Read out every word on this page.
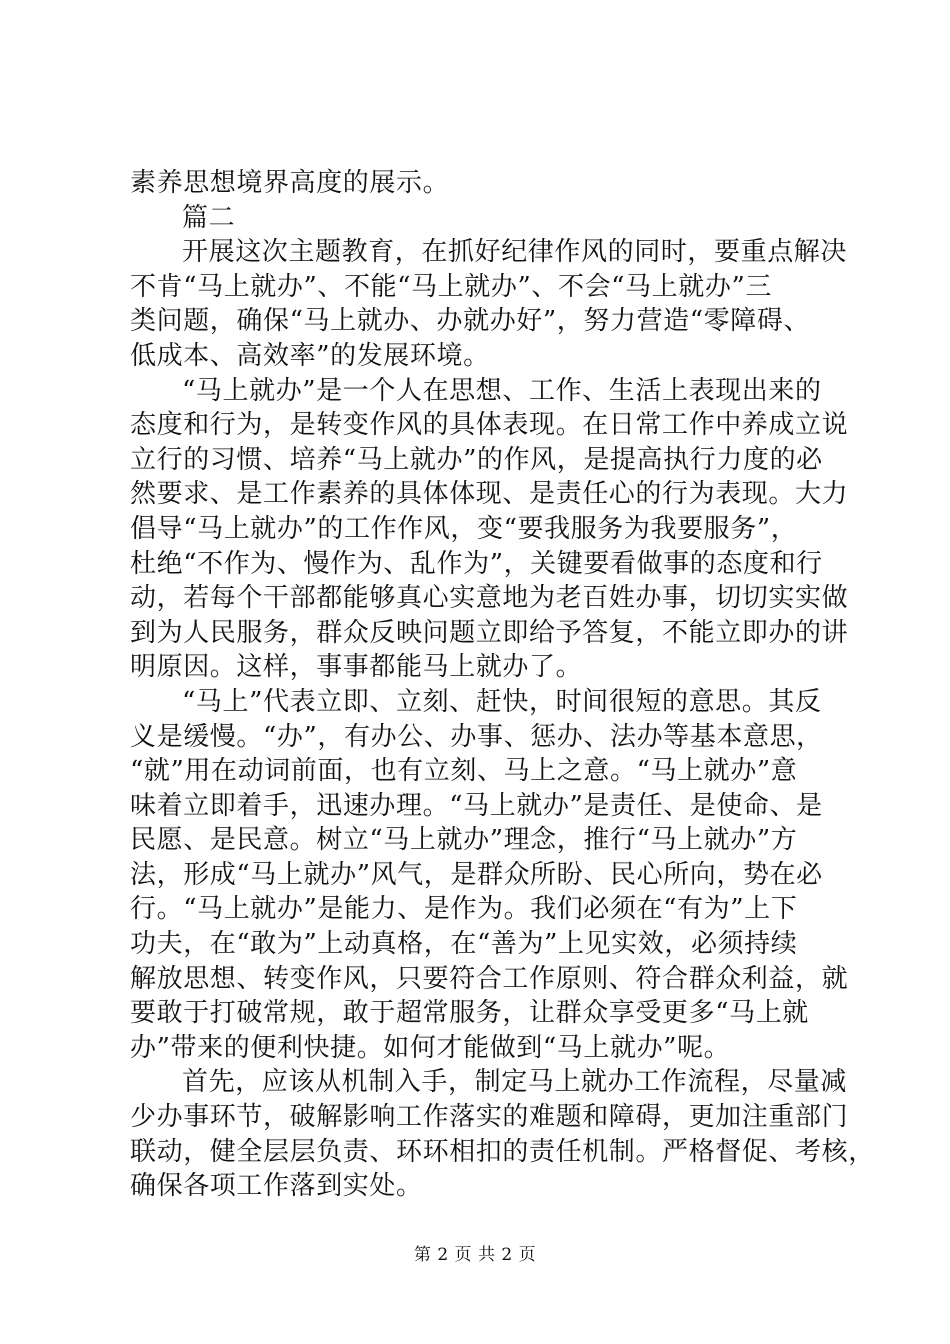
素养思想境界高度的展示。
篇二
开展这次主题教育，在抓好纪律作风的同时，要重点解决
不肯“马上就办”、不能“马上就办”、不会“马上就办”三
类问题，确保“马上就办、办就办好”，努力营造“零障碍、
低成本、高效率”的发展环境。
“马上就办”是一个人在思想、工作、生活上表现出来的
态度和行为，是转变作风的具体表现。在日常工作中养成立说
立行的习惯、培养“马上就办”的作风，是提高执行力度的必
然要求、是工作素养的具体体现、是责任心的行为表现。大力
倡导“马上就办”的工作作风，变“要我服务为我要服务”，
杜绝“不作为、慢作为、乱作为”，关键要看做事的态度和行
动，若每个干部都能够真心实意地为老百姓办事，切切实实做
到为人民服务，群众反映问题立即给予答复，不能立即办的讲
明原因。这样，事事都能马上就办了。
“马上”代表立即、立刻、赶快，时间很短的意思。其反
义是缓慢。“办”，有办公、办事、惩办、法办等基本意思，
“就”用在动词前面，也有立刻、马上之意。“马上就办”意
味着立即着手，迅速办理。“马上就办”是责任、是使命、是
民愿、是民意。树立“马上就办”理念，推行“马上就办”方
法，形成“马上就办”风气，是群众所盼、民心所向，势在必
行。“马上就办”是能力、是作为。我们必须在“有为”上下
功夫，在“敢为”上动真格，在“善为”上见实效，必须持续
解放思想、转变作风，只要符合工作原则、符合群众利益，就
要敢于打破常规，敢于超常服务，让群众享受更多“马上就
办”带来的便利快捷。如何才能做到“马上就办”呢。
首先，应该从机制入手，制定马上就办工作流程，尽量减
少办事环节，破解影响工作落实的难题和障碍，更加注重部门
联动，健全层层负责、环环相扣的责任机制。严格督促、考核，
确保各项工作落到实处。
第 2 页 共 2 页
